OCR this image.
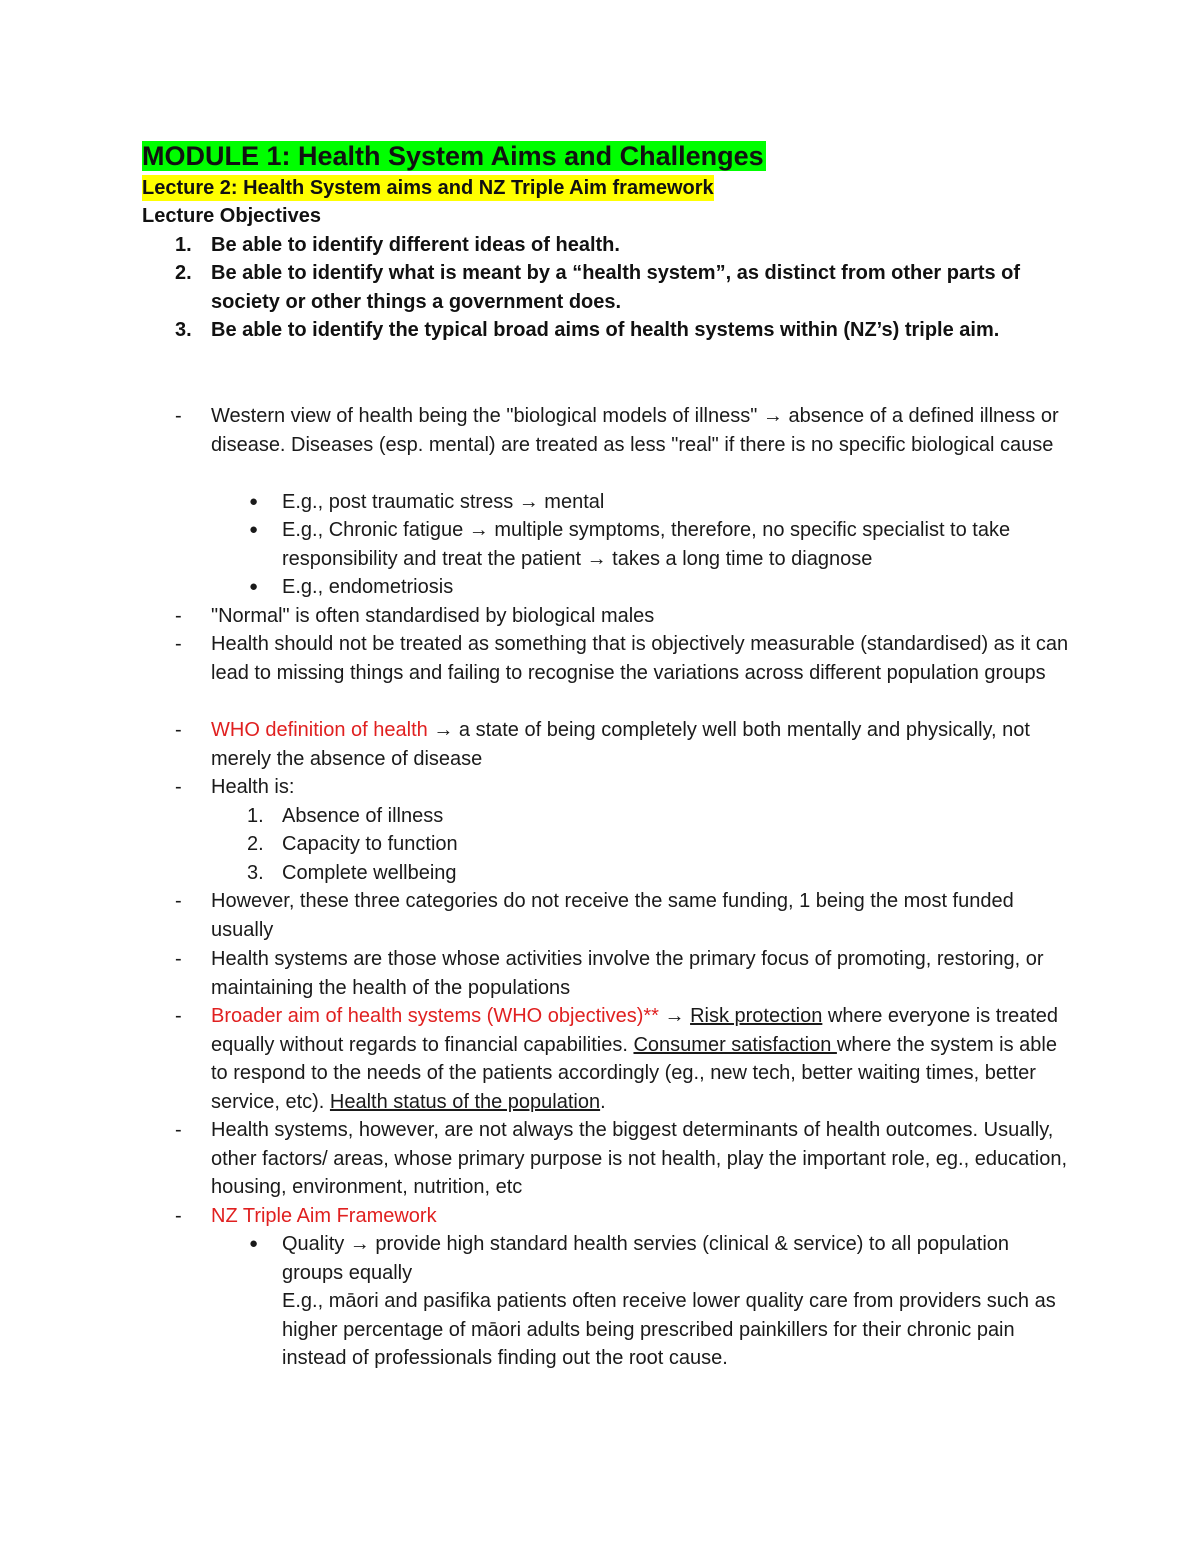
MODULE 1: Health System Aims and Challenges
Lecture 2: Health System aims and NZ Triple Aim framework
Lecture Objectives
1. Be able to identify different ideas of health.
2. Be able to identify what is meant by a “health system”, as distinct from other parts of society or other things a government does.
3. Be able to identify the typical broad aims of health systems within (NZ’s) triple aim.
- Western view of health being the "biological models of illness" → absence of a defined illness or disease. Diseases (esp. mental) are treated as less "real" if there is no specific biological cause
● E.g., post traumatic stress → mental
● E.g., Chronic fatigue → multiple symptoms, therefore, no specific specialist to take responsibility and treat the patient → takes a long time to diagnose
● E.g., endometriosis
- "Normal" is often standardised by biological males
- Health should not be treated as something that is objectively measurable (standardised) as it can lead to missing things and failing to recognise the variations across different population groups
- WHO definition of health → a state of being completely well both mentally and physically, not merely the absence of disease
- Health is:
1. Absence of illness
2. Capacity to function
3. Complete wellbeing
- However, these three categories do not receive the same funding, 1 being the most funded usually
- Health systems are those whose activities involve the primary focus of promoting, restoring, or maintaining the health of the populations
- Broader aim of health systems (WHO objectives)** → Risk protection where everyone is treated equally without regards to financial capabilities. Consumer satisfaction where the system is able to respond to the needs of the patients accordingly (eg., new tech, better waiting times, better service, etc). Health status of the population.
- Health systems, however, are not always the biggest determinants of health outcomes. Usually, other factors/ areas, whose primary purpose is not health, play the important role, eg., education, housing, environment, nutrition, etc
- NZ Triple Aim Framework
● Quality → provide high standard health servies (clinical & service) to all population groups equally
E.g., māori and pasifika patients often receive lower quality care from providers such as higher percentage of māori adults being prescribed painkillers for their chronic pain instead of professionals finding out the root cause.
